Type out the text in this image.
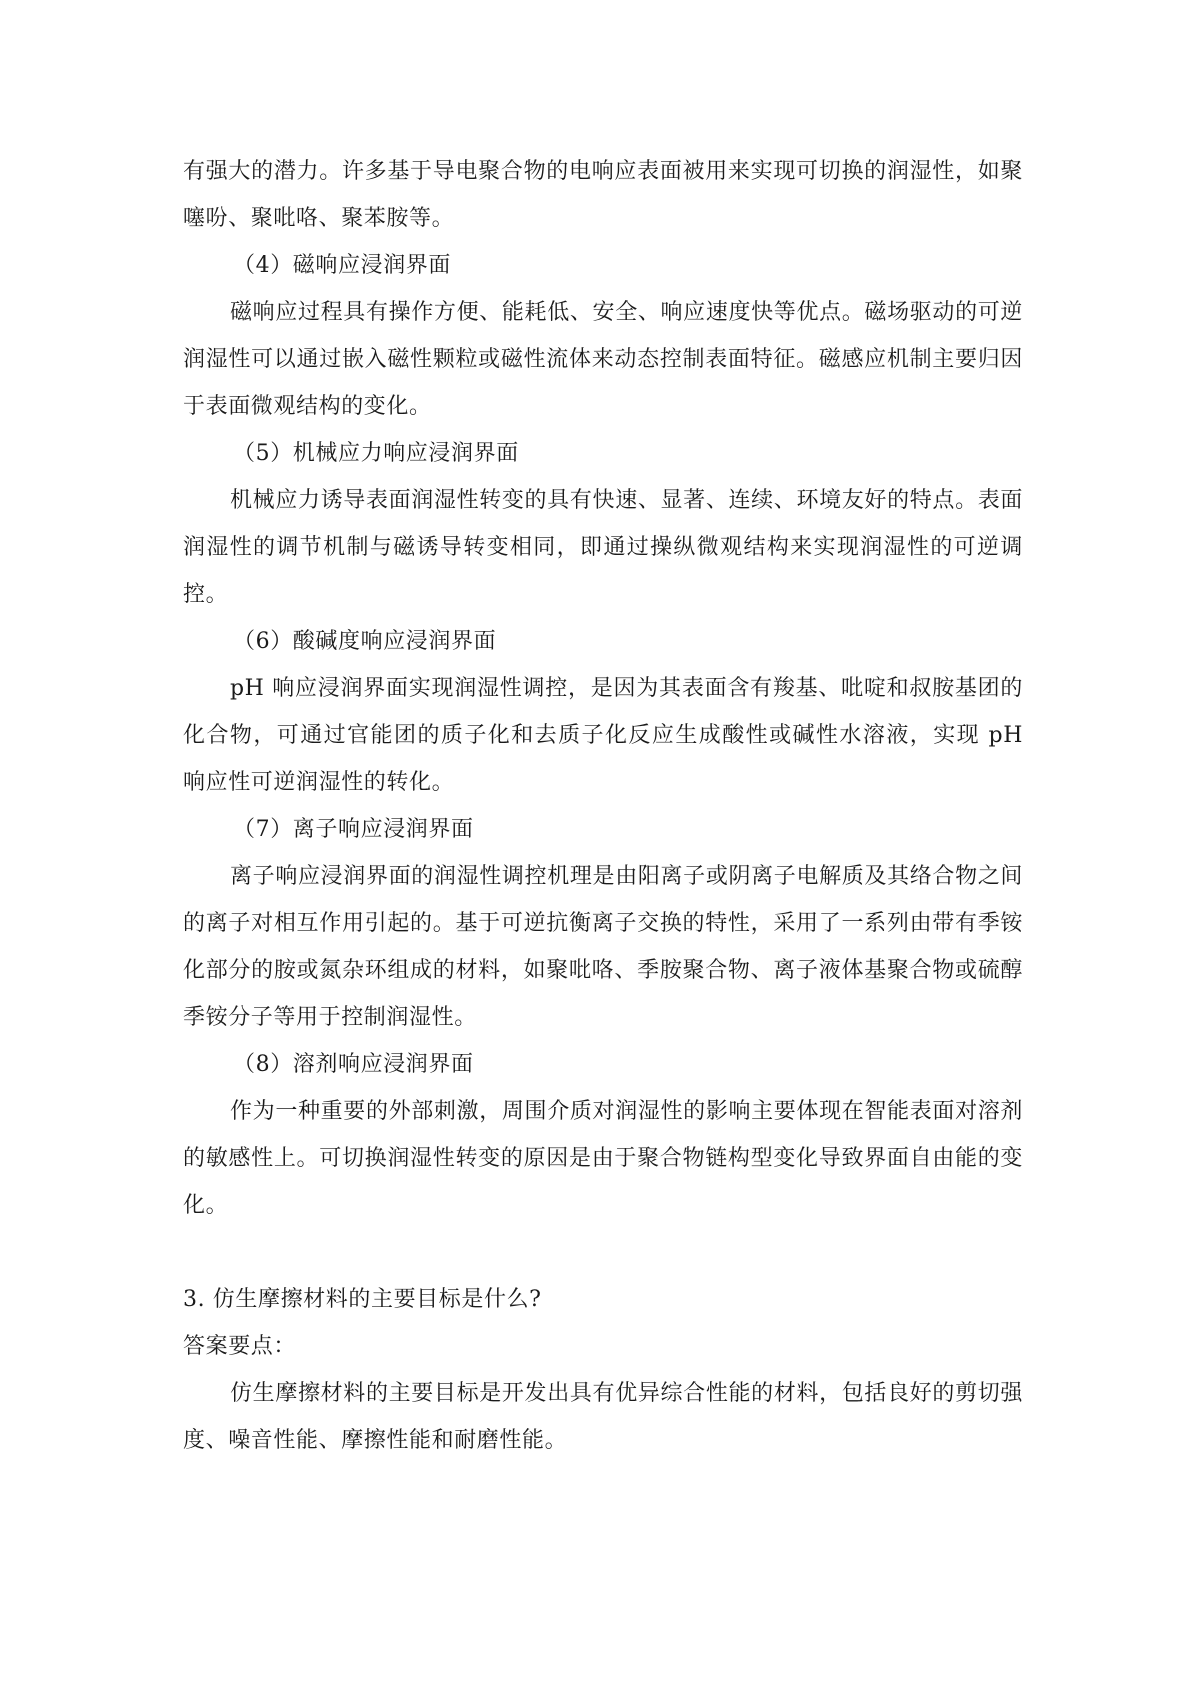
有强大的潜力。许多基于导电聚合物的电响应表面被用来实现可切换的润湿性，如聚噻吩、聚吡咯、聚苯胺等。

（4）磁响应浸润界面

磁响应过程具有操作方便、能耗低、安全、响应速度快等优点。磁场驱动的可逆润湿性可以通过嵌入磁性颗粒或磁性流体来动态控制表面特征。磁感应机制主要归因于表面微观结构的变化。

（5）机械应力响应浸润界面

机械应力诱导表面润湿性转变的具有快速、显著、连续、环境友好的特点。表面润湿性的调节机制与磁诱导转变相同，即通过操纵微观结构来实现润湿性的可逆调控。

（6）酸碱度响应浸润界面

pH 响应浸润界面实现润湿性调控，是因为其表面含有羧基、吡啶和叔胺基团的化合物，可通过官能团的质子化和去质子化反应生成酸性或碱性水溶液，实现 pH 响应性可逆润湿性的转化。

（7）离子响应浸润界面

离子响应浸润界面的润湿性调控机理是由阳离子或阴离子电解质及其络合物之间的离子对相互作用引起的。基于可逆抗衡离子交换的特性，采用了一系列由带有季铵化部分的胺或氮杂环组成的材料，如聚吡咯、季胺聚合物、离子液体基聚合物或硫醇季铵分子等用于控制润湿性。

（8）溶剂响应浸润界面

作为一种重要的外部刺激，周围介质对润湿性的影响主要体现在智能表面对溶剂的敏感性上。可切换润湿性转变的原因是由于聚合物链构型变化导致界面自由能的变化。

3. 仿生摩擦材料的主要目标是什么?

答案要点：

仿生摩擦材料的主要目标是开发出具有优异综合性能的材料，包括良好的剪切强度、噪音性能、摩擦性能和耐磨性能。
